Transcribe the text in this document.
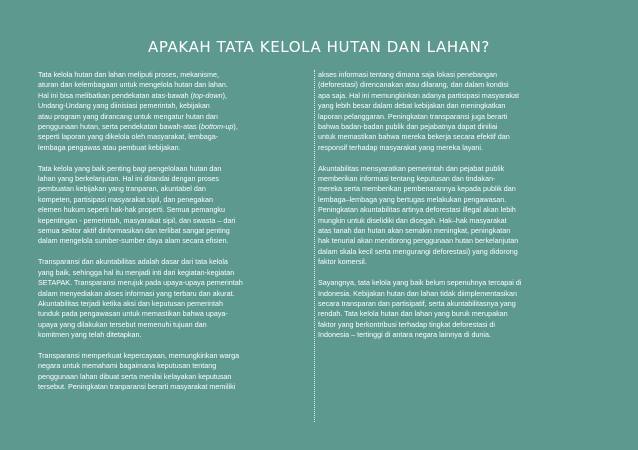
APAKAH TATA KELOLA HUTAN DAN LAHAN?

Tata kelola hutan dan lahan meliputi proses, mekanisme,
aturan dan kelembagaan untuk mengelola hutan dan lahan.
Hal ini bisa melibatkan pendekatan atas-bawah (top-down),
Undang-Undang yang diinisiasi pemerintah, kebijakan
atau program yang dirancang untuk mengatur hutan dan
penggunaan hutan, serta pendekatan bawah-atas (bottom-up),
seperti laporan yang dikelola oleh masyarakat, lembaga-
lembaga pengawas atau pembuat kebijakan.

Tata kelola yang baik penting bagi pengelolaan hutan dan
lahan yang berkelanjutan. Hal ini ditandai dengan proses
pembuatan kebijakan yang tranparan, akuntabel dan
kompeten, partisipasi masyarakat sipil, dan penegakan
elemen hukum seperti hak-hak properti. Semua pemangku
kepentingan - pemerintah, masyarakat sipil, dan swasta – dari
semua sektor aktif dinformasikan dan terlibat sangat penting
dalam mengelola sumber-sumber daya alam secara efisien.

Transparansi dan akuntabilitas adalah dasar dari tata kelola
yang baik, sehingga hal itu menjadi inti dari kegiatan-kegiatan
SETAPAK. Transparansi merujuk pada upaya-upaya pemerintah
dalam menyediakan akses informasi yang terbaru dan akurat.
Akuntabilitas terjadi ketika aksi dan keputusan pemerintah
tunduk pada pengawasan untuk memastikan bahwa upaya-
upaya yang dilakukan tersebut memenuhi tujuan dan
komitmen yang telah ditetapkan.

Transparansi memperkuat kepercayaan, memungkinkan warga
negara untuk memahami bagaimana keputusan tentang
penggunaan lahan dibuat serta menilai kelayakan keputusan
tersebut. Peningkatan tranparansi berarti masyarakat memiliki

akses informasi tentang dimana saja lokasi penebangan
(deforestasi) direncanakan atau dilarang, dan dalam kondisi
apa saja. Hal ini memungkinkan adanya partisipasi masyarakat
yang lebih besar dalam debat kebijakan dan meningkatkan
laporan pelanggaran. Peningkatan transparansi juga berarti
bahwa badan-badan publik dan pejabatnya dapat diniliai
untuk memastikan bahwa mereka bekerja secara efektif dan
responsif terhadap masyarakat yang mereka layani.

Akuntabilitas mensyaratkan pemerintah dan pejabat publik
memberikan informasi tentang keputusan dan tindakan-
mereka serta memberikan pembenarannya kepada publik dan
lembaga–lembaga yang bertugas melakukan pengawasan.
Peningkatan akuntabilitas artinya deforestasi illegal akan lebih
mungkin untuk diselidiki dan dicegah. Hak–hak masyarakat
atas tanah dan hutan akan semakin meningkat, peningkatan
hak tenurial akan mendorong penggunaan hutan berkelanjutan
dalam skala kecil serta mengurangi deforestasi) yang didorong
faktor komersil.

Sayangnya, tata kelola yang baik belum sepenuhnya tercapai di
Indonesia. Kebijakan hutan dan lahan tidak diimplementasikan
secara transparan dan partisipatif, serta akuntabilitasnya yang
rendah. Tata kelola hutan dan lahan yang buruk merupakan
faktor yang berkontribusi terhadap tingkat deforestasi di
Indonesia – tertinggi di antara negara lainnya di dunia.
